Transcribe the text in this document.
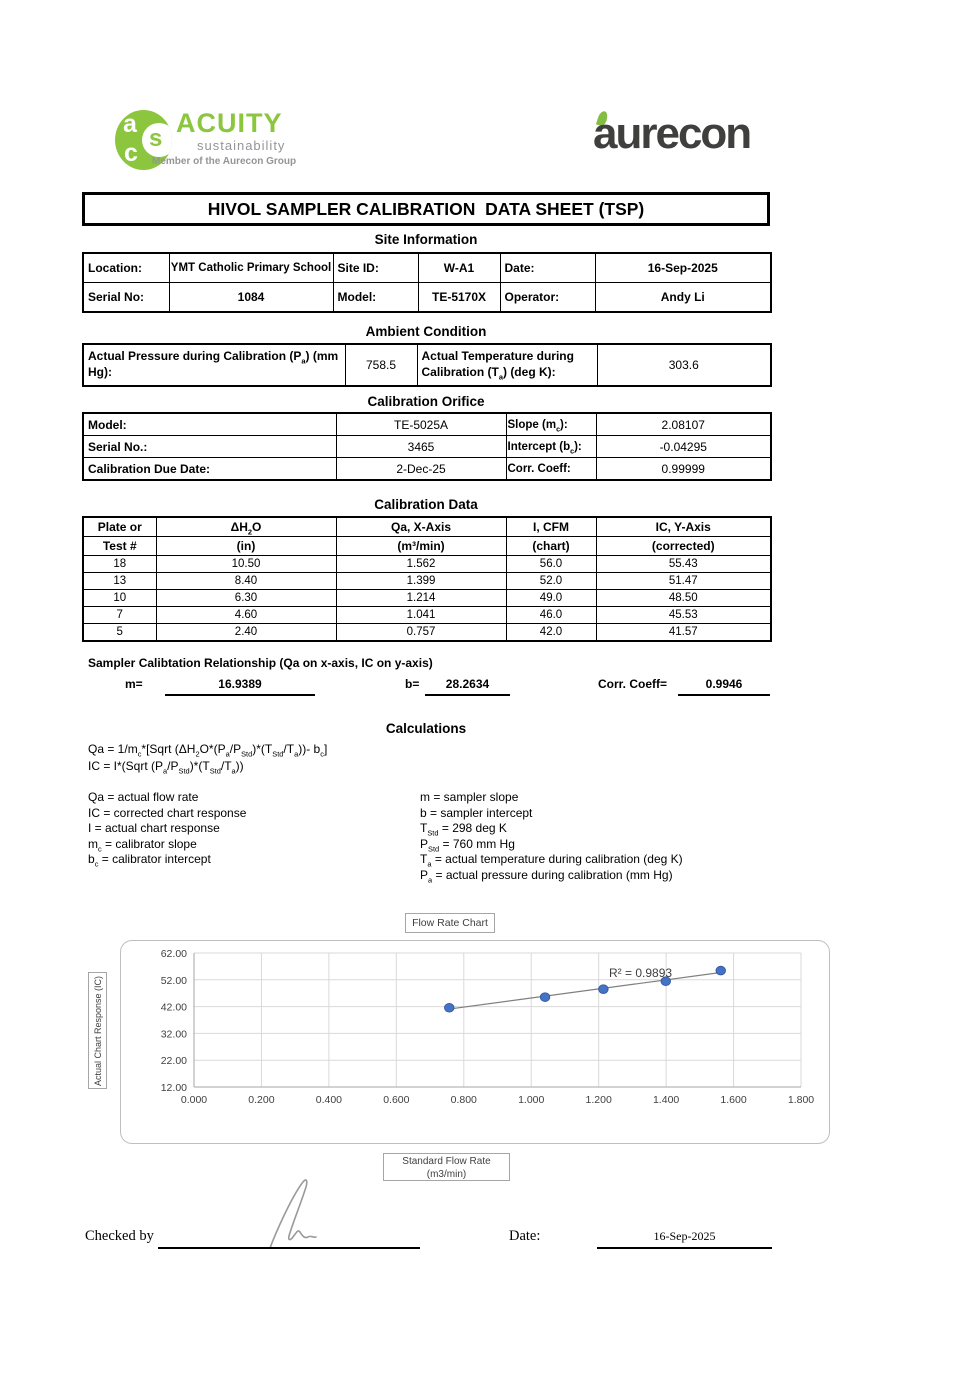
a
s
c
ACUITY
sustainability
Member of the Aurecon Group
aurecon
HIVOL SAMPLER CALIBRATION  DATA SHEET (TSP)
Site Information
Location:	YMT Catholic Primary School	Site ID:	W-A1	Date:	16-Sep-2025
Serial No:	1084	Model:	TE-5170X	Operator:	Andy Li
Ambient Condition
Actual Pressure during Calibration $(P_a)$ (mm Hg):	758.5	Actual Temperature during Calibration $(T_a)$ (deg K):	303.6
Calibration Orifice
Model:	TE-5025A	Slope $(m_c)$:	2.08107
Serial No.:	3465	Intercept $(b_c)$:	-0.04295
Calibration Due Date:	2-Dec-25	Corr. Coeff:	0.99999
Calibration Data
Plate or	$\Delta H_2O$	Qa, X-Axis	I, CFM	IC, Y-Axis
Test #	(in)	(m³/min)	(chart)	(corrected)
18	10.50	1.562	56.0	55.43
13	8.40	1.399	52.0	51.47
10	6.30	1.214	49.0	48.50
7	4.60	1.041	46.0	45.53
5	2.40	0.757	42.0	41.57
Sampler Calibtation Relationship (Qa on x-axis, IC on y-axis)
m=	16.9389	b=	28.2634	Corr. Coeff=	0.9946
Calculations
$Qa = 1/m_c*[Sqrt$ $(\Delta H_2O*(P_a/P_{Std})*(T_{Std}/T_a))-$ $b_c$]
IC = I*(Sqrt $(P_a/P_{Std})*(T_{Std}/T_a)$)
Qa = actual flow rate
IC = corrected chart response
I = actual chart response
$m_c$ = calibrator slope
$b_c$ = calibrator intercept
m = sampler slope
b = sampler intercept
$T_{Std} = 298$ deg K
$P_{Std} = 760$ mm Hg
$T_a$ = actual temperature during calibration (deg K)
$P_a$ = actual pressure during calibration (mm Hg)
Flow Rate Chart
Actual Chart Response (IC)
12.00
22.00
32.00
42.00
52.00
62.00
0.000	0.200	0.400	0.600	0.800	1.000	1.200	1.400	1.600	1.800
R² = 0.9893
Standard Flow Rate
(m3/min)
Checked by	Date:	16-Sep-2025
